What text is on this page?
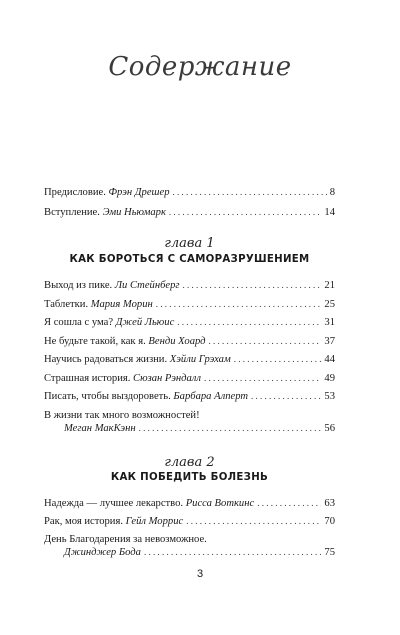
Содержание
Предисловие. Фрэн Дрешер . . .	8
Вступление. Эми Ньюмарк . . .	14
глава 1
КАК БОРОТЬСЯ С САМОРАЗРУШЕНИЕМ
Выход из пике. Ли Стейнберг . . .	21
Таблетки. Мария Морин . . .	25
Я сошла с ума? Джей Льюис . . .	31
Не будьте такой, как я. Венди Хоард . . .	37
Научись радоваться жизни. Хэйли Грэхам . . .	44
Страшная история. Сюзан Рэндалл . . .	49
Писать, чтобы выздороветь. Барбара Алперт . . .	53
В жизни так много возможностей!
Меган МакКэнн . . .	56
глава 2
КАК ПОБЕДИТЬ БОЛЕЗНЬ
Надежда — лучшее лекарство. Рисса Воткинс . . .	63
Рак, моя история. Гейл Моррис . . .	70
День Благодарения за невозможное.
Джинджер Бода . . .	75
3
